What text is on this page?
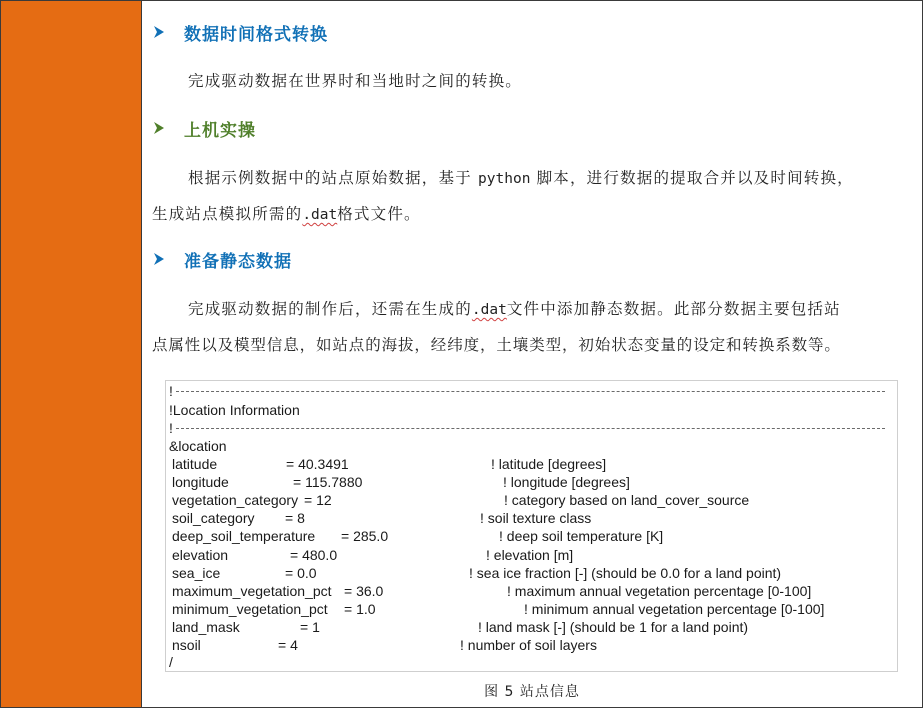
数据时间格式转换
完成驱动数据在世界时和当地时之间的转换。
上机实操
根据示例数据中的站点原始数据，基于 python 脚本，进行数据的提取合并以及时间转换，
生成站点模拟所需的.dat格式文件。
准备静态数据
完成驱动数据的制作后，还需在生成的.dat文件中添加静态数据。此部分数据主要包括站
点属性以及模型信息，如站点的海拔，经纬度，土壤类型，初始状态变量的设定和转换系数等。
!
!Location Information
!
&location
latitude	= 40.3491	! latitude [degrees]
longitude	= 115.7880	! longitude [degrees]
vegetation_category = 12	! category based on land_cover_source
soil_category = 8	! soil texture class
deep_soil_temperature = 285.0	! deep soil temperature [K]
elevation	= 480.0	! elevation [m]
sea_ice	= 0.0	! sea ice fraction [-] (should be 0.0 for a land point)
maximum_vegetation_pct = 36.0	! maximum annual vegetation percentage [0-100]
minimum_vegetation_pct = 1.0	! minimum annual vegetation percentage [0-100]
land_mask	= 1	! land mask [-] (should be 1 for a land point)
nsoil	= 4	! number of soil layers
/
图 5 站点信息
